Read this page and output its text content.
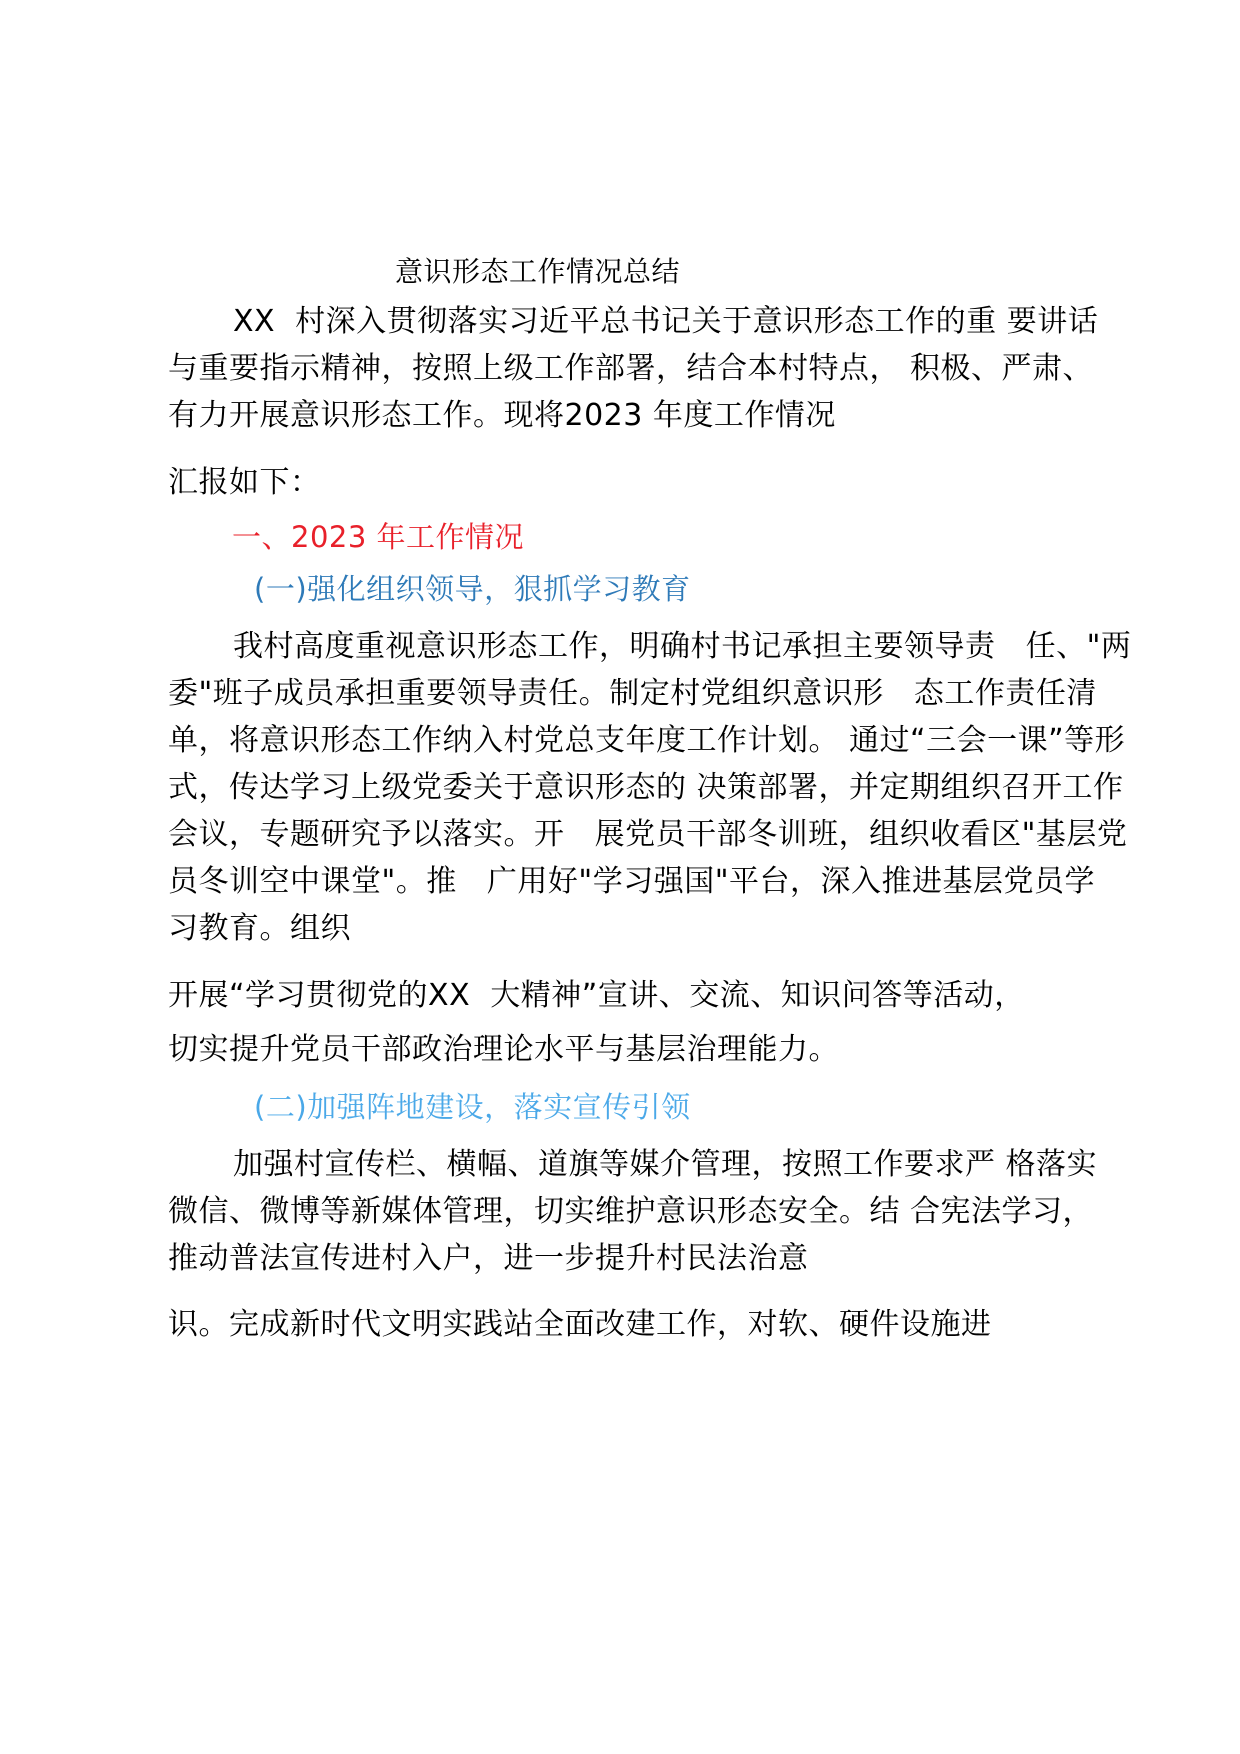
意识形态工作情况总结
XX  村深入贯彻落实习近平总书记关于意识形态工作的重 要讲话
与重要指示精神，按照上级工作部署，结合本村特点， 积极、严肃、
有力开展意识形态工作。现将2023 年度工作情况
汇报如下：
一、2023 年工作情况
(一)强化组织领导，狠抓学习教育
我村高度重视意识形态工作，明确村书记承担主要领导责   任、"两
委"班子成员承担重要领导责任。制定村党组织意识形   态工作责任清
单，将意识形态工作纳入村党总支年度工作计划。 通过“三会一课”等形
式，传达学习上级党委关于意识形态的 决策部署，并定期组织召开工作
会议，专题研究予以落实。开   展党员干部冬训班，组织收看区"基层党
员冬训空中课堂"。推   广用好"学习强国"平台，深入推进基层党员学
习教育。组织
开展“学习贯彻党的XX  大精神”宣讲、交流、知识问答等活动，
切实提升党员干部政治理论水平与基层治理能力。
(二)加强阵地建设，落实宣传引领
加强村宣传栏、横幅、道旗等媒介管理，按照工作要求严 格落实
微信、微博等新媒体管理，切实维护意识形态安全。结 合宪法学习，
推动普法宣传进村入户，进一步提升村民法治意
识。完成新时代文明实践站全面改建工作，对软、硬件设施进
